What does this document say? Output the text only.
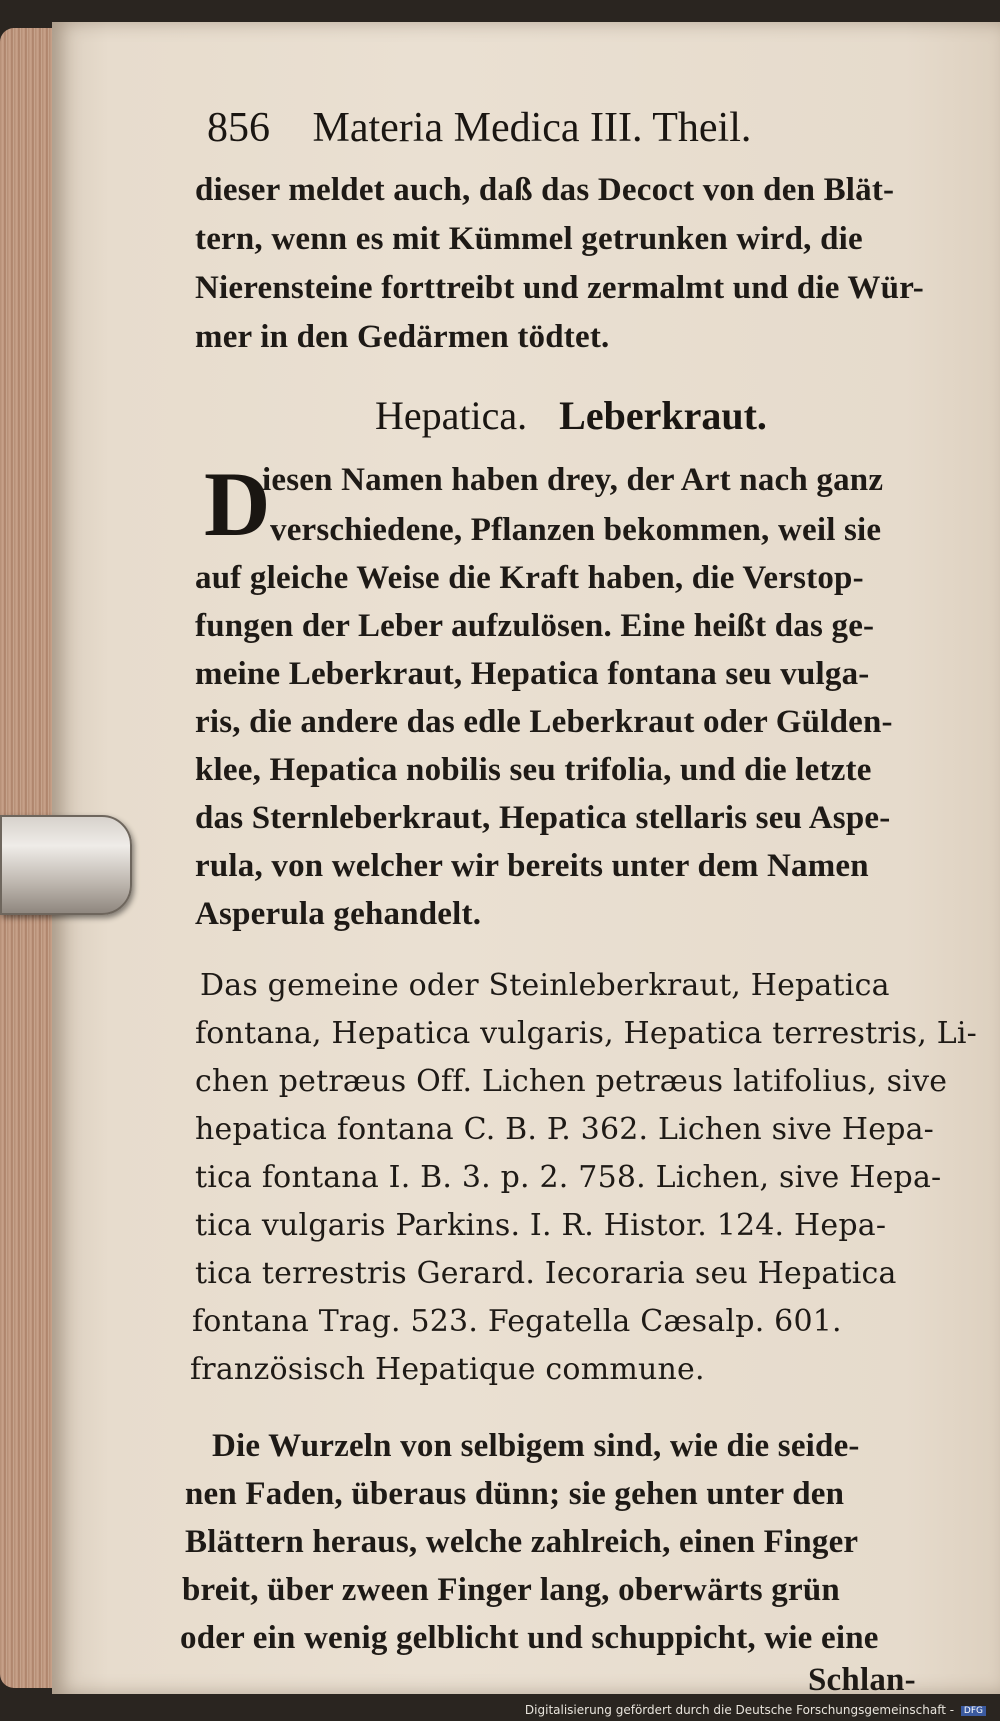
856 Materia Medica III. Theil.
dieser meldet auch, daß das Decoct von den Blät-
tern, wenn es mit Kümmel getrunken wird, die
Nierensteine forttreibt und zermalmt und die Wür-
mer in den Gedärmen tödtet.
Hepatica. Leberkraut.
D
iesen Namen haben drey, der Art nach ganz
verschiedene, Pflanzen bekommen, weil sie
auf gleiche Weise die Kraft haben, die Verstop-
fungen der Leber aufzulösen. Eine heißt das ge-
meine Leberkraut, Hepatica fontana seu vulga-
ris, die andere das edle Leberkraut oder Gülden-
klee, Hepatica nobilis seu trifolia, und die letzte
das Sternleberkraut, Hepatica stellaris seu Aspe-
rula, von welcher wir bereits unter dem Namen
Asperula gehandelt.
Das gemeine oder Steinleberkraut, Hepatica
fontana, Hepatica vulgaris, Hepatica terrestris, Li-
chen petræus Off. Lichen petræus latifolius, sive
hepatica fontana C. B. P. 362. Lichen sive Hepa-
tica fontana I. B. 3. p. 2. 758. Lichen, sive Hepa-
tica vulgaris Parkins. I. R. Histor. 124. Hepa-
tica terrestris Gerard. Iecoraria seu Hepatica
fontana Trag. 523. Fegatella Cæsalp. 601.
französisch Hepatique commune.
Die Wurzeln von selbigem sind, wie die seide-
nen Faden, überaus dünn; sie gehen unter den
Blättern heraus, welche zahlreich, einen Finger
breit, über zween Finger lang, oberwärts grün
oder ein wenig gelblicht und schuppicht, wie eine
Schlan-
Digitalisierung gefördert durch die Deutsche Forschungsgemeinschaft - DFG
